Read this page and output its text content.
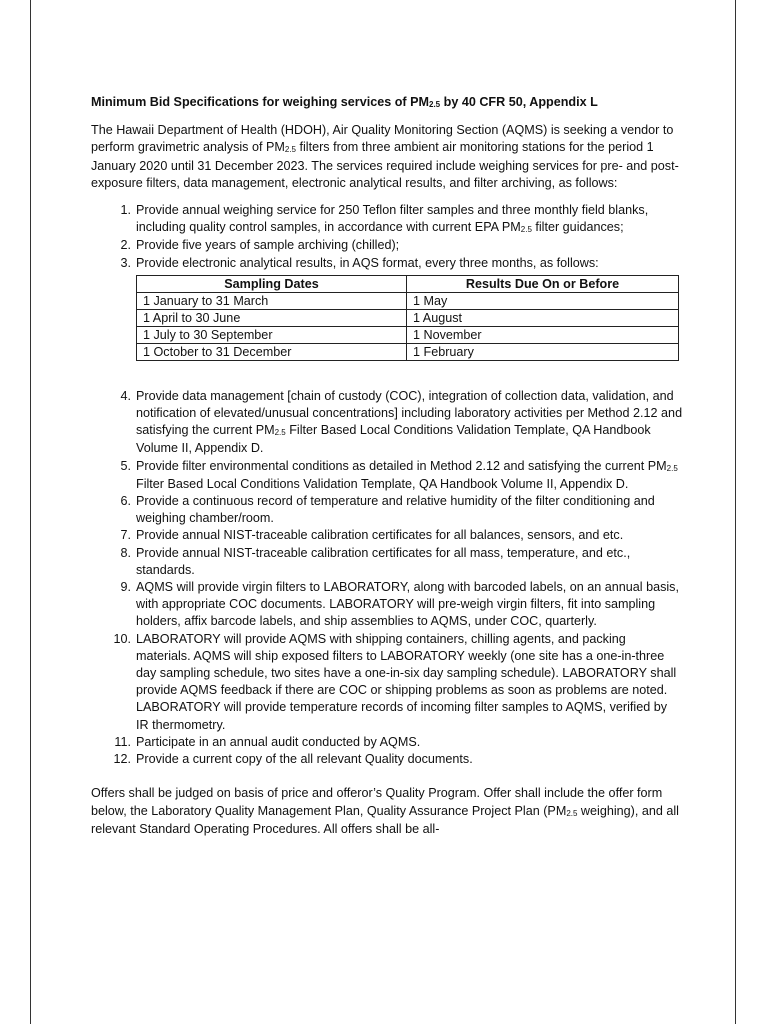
Minimum Bid Specifications for weighing services of $PM_{2.5}$ by 40 CFR 50, Appendix L

The Hawaii Department of Health (HDOH), Air Quality Monitoring Section (AQMS) is seeking a vendor to perform gravimetric analysis of $PM_{2.5}$ filters from three ambient air monitoring stations for the period 1 January 2020 until 31 December 2023. The services required include weighing services for pre- and post- exposure filters, data management, electronic analytical results, and filter archiving, as follows:

1. Provide annual weighing service for 250 Teflon filter samples and three monthly field blanks, including quality control samples, in accordance with current EPA $PM_{2.5}$ filter guidances;
2. Provide five years of sample archiving (chilled);
3. Provide electronic analytical results, in AQS format, every three months, as follows:
Sampling Dates	Results Due On or Before
1 January to 31 March	1 May
1 April to 30 June	1 August
1 July to 30 September	1 November
1 October to 31 December	1 February
4. Provide data management [chain of custody (COC), integration of collection data, validation, and notification of elevated/unusual concentrations] including laboratory activities per Method 2.12 and satisfying the current $PM_{2.5}$ Filter Based Local Conditions Validation Template, QA Handbook Volume II, Appendix D.
5. Provide filter environmental conditions as detailed in Method 2.12 and satisfying the current $PM_{2.5}$ Filter Based Local Conditions Validation Template, QA Handbook Volume II, Appendix D.
6. Provide a continuous record of temperature and relative humidity of the filter conditioning and weighing chamber/room.
7. Provide annual NIST-traceable calibration certificates for all balances, sensors, and etc.
8. Provide annual NIST-traceable calibration certificates for all mass, temperature, and etc., standards.
9. AQMS will provide virgin filters to LABORATORY, along with barcoded labels, on an annual basis, with appropriate COC documents. LABORATORY will pre-weigh virgin filters, fit into sampling holders, affix barcode labels, and ship assemblies to AQMS, under COC, quarterly.
10. LABORATORY will provide AQMS with shipping containers, chilling agents, and packing materials. AQMS will ship exposed filters to LABORATORY weekly (one site has a one-in-three day sampling schedule, two sites have a one-in-six day sampling schedule). LABORATORY shall provide AQMS feedback if there are COC or shipping problems as soon as problems are noted. LABORATORY will provide temperature records of incoming filter samples to AQMS, verified by IR thermometry.
11. Participate in an annual audit conducted by AQMS.
12. Provide a current copy of the all relevant Quality documents.

Offers shall be judged on basis of price and offeror’s Quality Program. Offer shall include the offer form below, the Laboratory Quality Management Plan, Quality Assurance Project Plan ($PM_{2.5}$ weighing), and all relevant Standard Operating Procedures. All offers shall be all-
